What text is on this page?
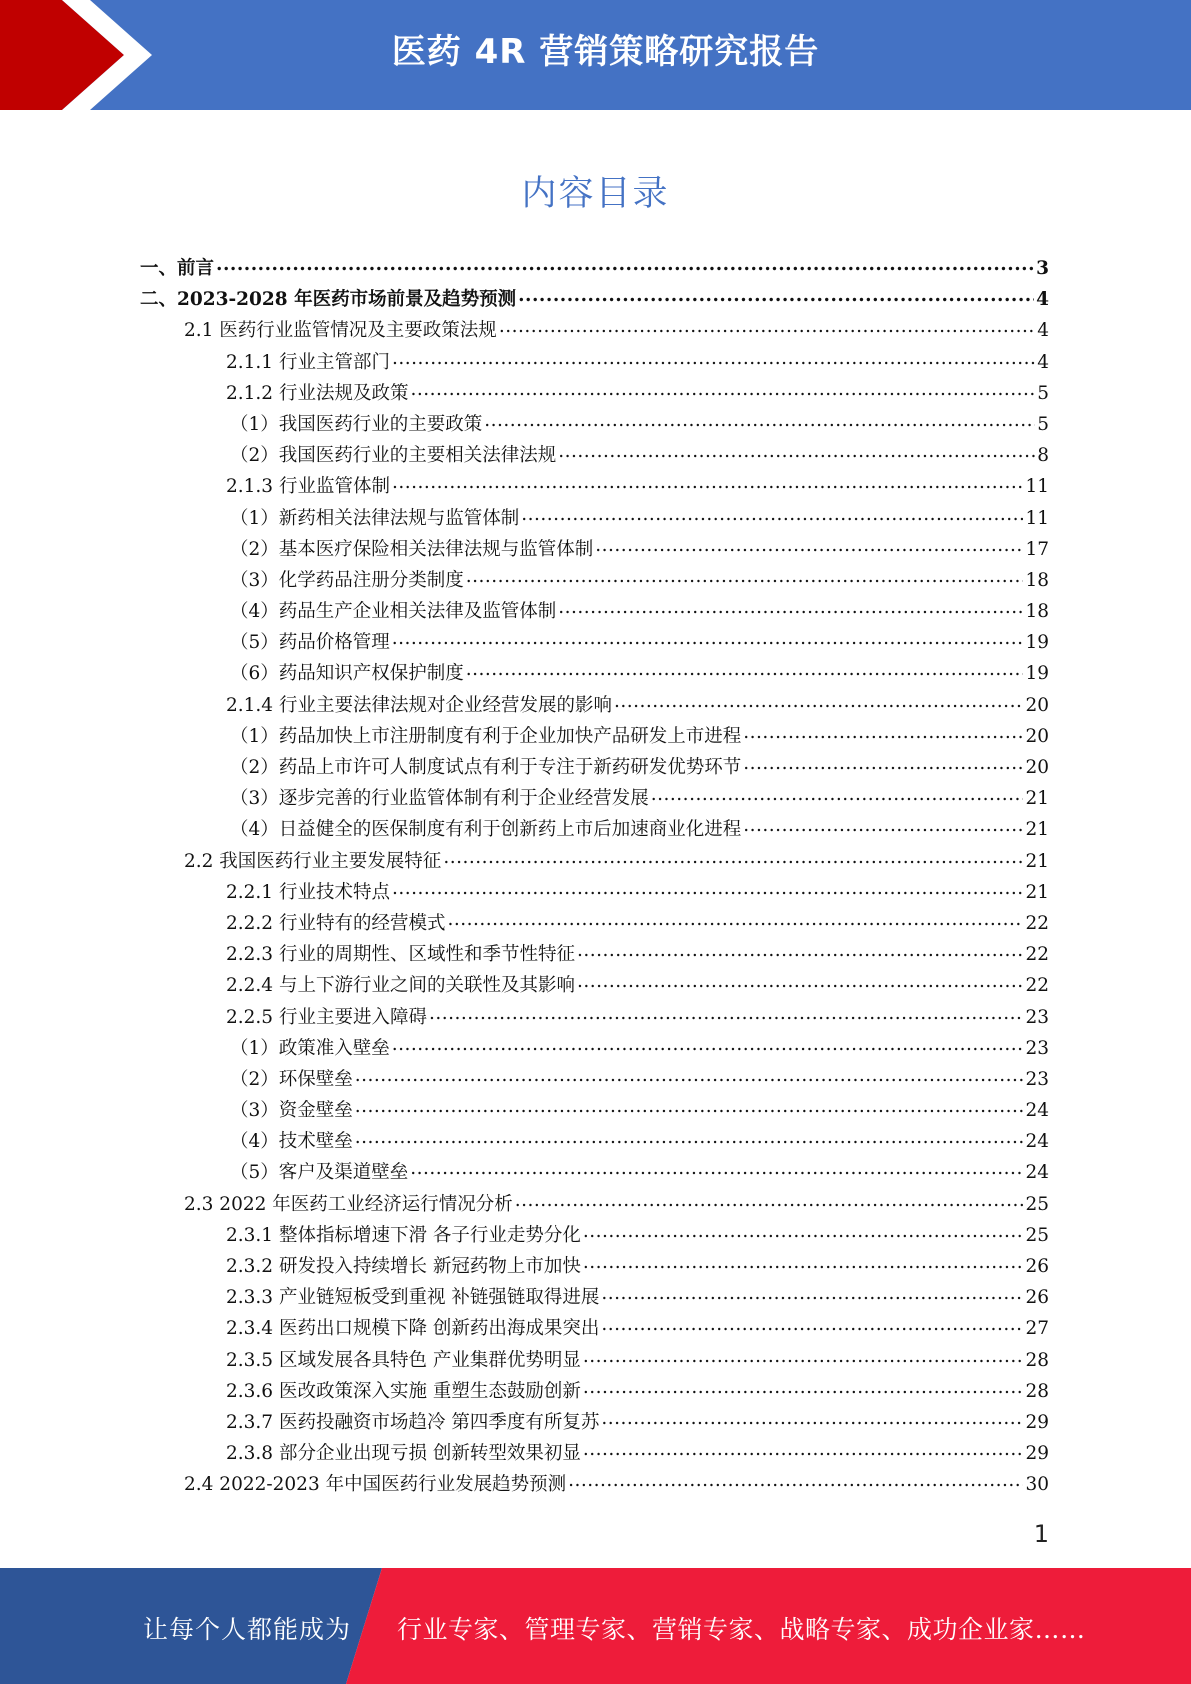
医药 4R 营销策略研究报告
内容目录
一、前言 .....	3
二、2023-2028 年医药市场前景及趋势预测 .....	4
2.1 医药行业监管情况及主要政策法规 .....	4
2.1.1 行业主管部门 .....	4
2.1.2 行业法规及政策 .....	5
（1）我国医药行业的主要政策 .....	5
（2）我国医药行业的主要相关法律法规 .....	8
2.1.3 行业监管体制 .....	11
（1）新药相关法律法规与监管体制 .....	11
（2）基本医疗保险相关法律法规与监管体制 .....	17
（3）化学药品注册分类制度 .....	18
（4）药品生产企业相关法律及监管体制 .....	18
（5）药品价格管理 .....	19
（6）药品知识产权保护制度 .....	19
2.1.4 行业主要法律法规对企业经营发展的影响 .....	20
（1）药品加快上市注册制度有利于企业加快产品研发上市进程 .....	20
（2）药品上市许可人制度试点有利于专注于新药研发优势环节 .....	20
（3）逐步完善的行业监管体制有利于企业经营发展 .....	21
（4）日益健全的医保制度有利于创新药上市后加速商业化进程 .....	21
2.2 我国医药行业主要发展特征 .....	21
2.2.1 行业技术特点 .....	21
2.2.2 行业特有的经营模式 .....	22
2.2.3 行业的周期性、区域性和季节性特征 .....	22
2.2.4 与上下游行业之间的关联性及其影响 .....	22
2.2.5 行业主要进入障碍 .....	23
（1）政策准入壁垒 .....	23
（2）环保壁垒 .....	23
（3）资金壁垒 .....	24
（4）技术壁垒 .....	24
（5）客户及渠道壁垒 .....	24
2.3 2022 年医药工业经济运行情况分析 .....	25
2.3.1 整体指标增速下滑 各子行业走势分化 .....	25
2.3.2 研发投入持续增长 新冠药物上市加快 .....	26
2.3.3 产业链短板受到重视 补链强链取得进展 .....	26
2.3.4 医药出口规模下降 创新药出海成果突出 .....	27
2.3.5 区域发展各具特色 产业集群优势明显 .....	28
2.3.6 医改政策深入实施 重塑生态鼓励创新 .....	28
2.3.7 医药投融资市场趋冷 第四季度有所复苏 .....	29
2.3.8 部分企业出现亏损 创新转型效果初显 .....	29
2.4 2022-2023 年中国医药行业发展趋势预测 .....	30
1
让每个人都能成为 行业专家、管理专家、营销专家、战略专家、成功企业家……
